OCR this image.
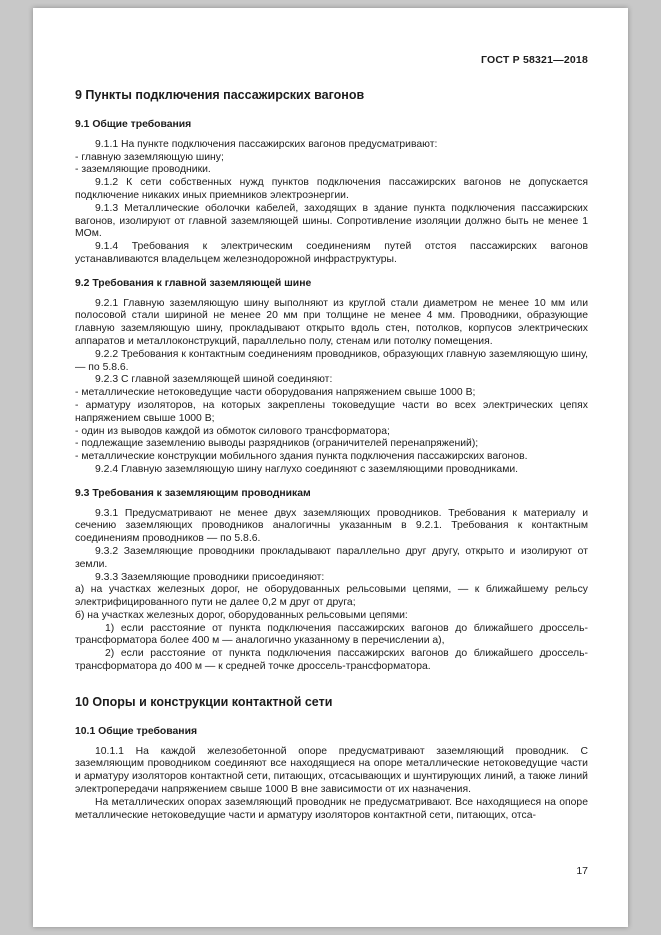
ГОСТ Р 58321—2018

9 Пункты подключения пассажирских вагонов

9.1 Общие требования

9.1.1 На пункте подключения пассажирских вагонов предусматривают:

- главную заземляющую шину;

- заземляющие проводники.

9.1.2 К сети собственных нужд пунктов подключения пассажирских вагонов не допускается подключение никаких иных приемников электроэнергии.

9.1.3 Металлические оболочки кабелей, заходящих в здание пункта подключения пассажирских вагонов, изолируют от главной заземляющей шины. Сопротивление изоляции должно быть не менее 1 МОм.

9.1.4 Требования к электрическим соединениям путей отстоя пассажирских вагонов устанавливаются владельцем железнодорожной инфраструктуры.

9.2 Требования к главной заземляющей шине

9.2.1 Главную заземляющую шину выполняют из круглой стали диаметром не менее 10 мм или полосовой стали шириной не менее 20 мм при толщине не менее 4 мм. Проводники, образующие главную заземляющую шину, прокладывают открыто вдоль стен, потолков, корпусов электрических аппаратов и металлоконструкций, параллельно полу, стенам или потолку помещения.

9.2.2 Требования к контактным соединениям проводников, образующих главную заземляющую шину, — по 5.8.6.

9.2.3 С главной заземляющей шиной соединяют:

- металлические нетоковедущие части оборудования напряжением свыше 1000 В;

- арматуру изоляторов, на которых закреплены токоведущие части во всех электрических цепях напряжением свыше 1000 В;

- один из выводов каждой из обмоток силового трансформатора;

- подлежащие заземлению выводы разрядников (ограничителей перенапряжений);

- металлические конструкции мобильного здания пункта подключения пассажирских вагонов.

9.2.4 Главную заземляющую шину наглухо соединяют с заземляющими проводниками.

9.3 Требования к заземляющим проводникам

9.3.1 Предусматривают не менее двух заземляющих проводников. Требования к материалу и сечению заземляющих проводников аналогичны указанным в 9.2.1. Требования к контактным соединениям проводников — по 5.8.6.

9.3.2 Заземляющие проводники прокладывают параллельно друг другу, открыто и изолируют от земли.

9.3.3 Заземляющие проводники присоединяют:

а) на участках железных дорог, не оборудованных рельсовыми цепями, — к ближайшему рельсу электрифицированного пути не далее 0,2 м друг от друга;

б) на участках железных дорог, оборудованных рельсовыми цепями:

1) если расстояние от пункта подключения пассажирских вагонов до ближайшего дроссель-трансформатора более 400 м — аналогично указанному в перечислении а),

2) если расстояние от пункта подключения пассажирских вагонов до ближайшего дроссель-трансформатора до 400 м — к средней точке дроссель-трансформатора.

10 Опоры и конструкции контактной сети

10.1 Общие требования

10.1.1 На каждой железобетонной опоре предусматривают заземляющий проводник. С заземляющим проводником соединяют все находящиеся на опоре металлические нетоковедущие части и арматуру изоляторов контактной сети, питающих, отсасывающих и шунтирующих линий, а также линий электропередачи напряжением свыше 1000 В вне зависимости от их назначения.

На металлических опорах заземляющий проводник не предусматривают. Все находящиеся на опоре металлические нетоковедущие части и арматуру изоляторов контактной сети, питающих, отса-

17
